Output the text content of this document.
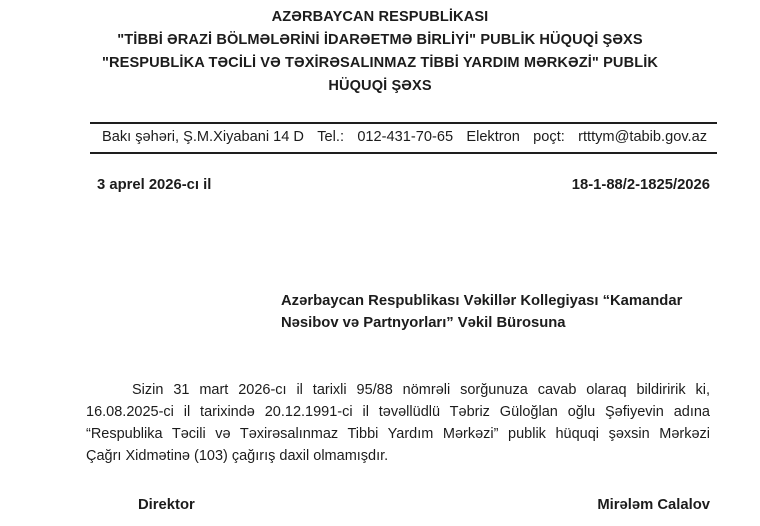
AZƏRBAYCAN RESPUBLİKASI
"TİBBİ ƏRAZİ BÖLMƏLƏRİNİ İDARƏETMƏ BİRLİYİ" PUBLİK HÜQUQİ ŞƏXS
"RESPUBLİKA TƏCİLİ VƏ TƏXİRƏSALINMAZ TİBBİ YARDIM MƏRKƏZİ" PUBLİK
HÜQUQİ ŞƏXS
Bakı şəhəri, Ş.M.Xiyabani 14 D Tel.: 012-431-70-65 Elektron poçt: rtttym@tabib.gov.az
3 aprel 2026-cı il	18-1-88/2-1825/2026
Azərbaycan Respublikası Vəkillər Kollegiyası “Kamandar
Nəsibov və Partnyorları” Vəkil Bürosuna
Sizin 31 mart 2026-cı il tarixli 95/88 nömrəli sorğunuza cavab olaraq bildiririk ki,
16.08.2025-ci il tarixində 20.12.1991-ci il təvəllüdlü Təbriz Güloğlan oğlu Şəfiyevin adına
“Respublika Təcili və Təxirəsalınmaz Tibbi Yardım Mərkəzi” publik hüquqi şəxsin Mərkəzi
Çağrı Xidmətinə (103) çağırış daxil olmamışdır.
Direktor	Mirələm Calalov
